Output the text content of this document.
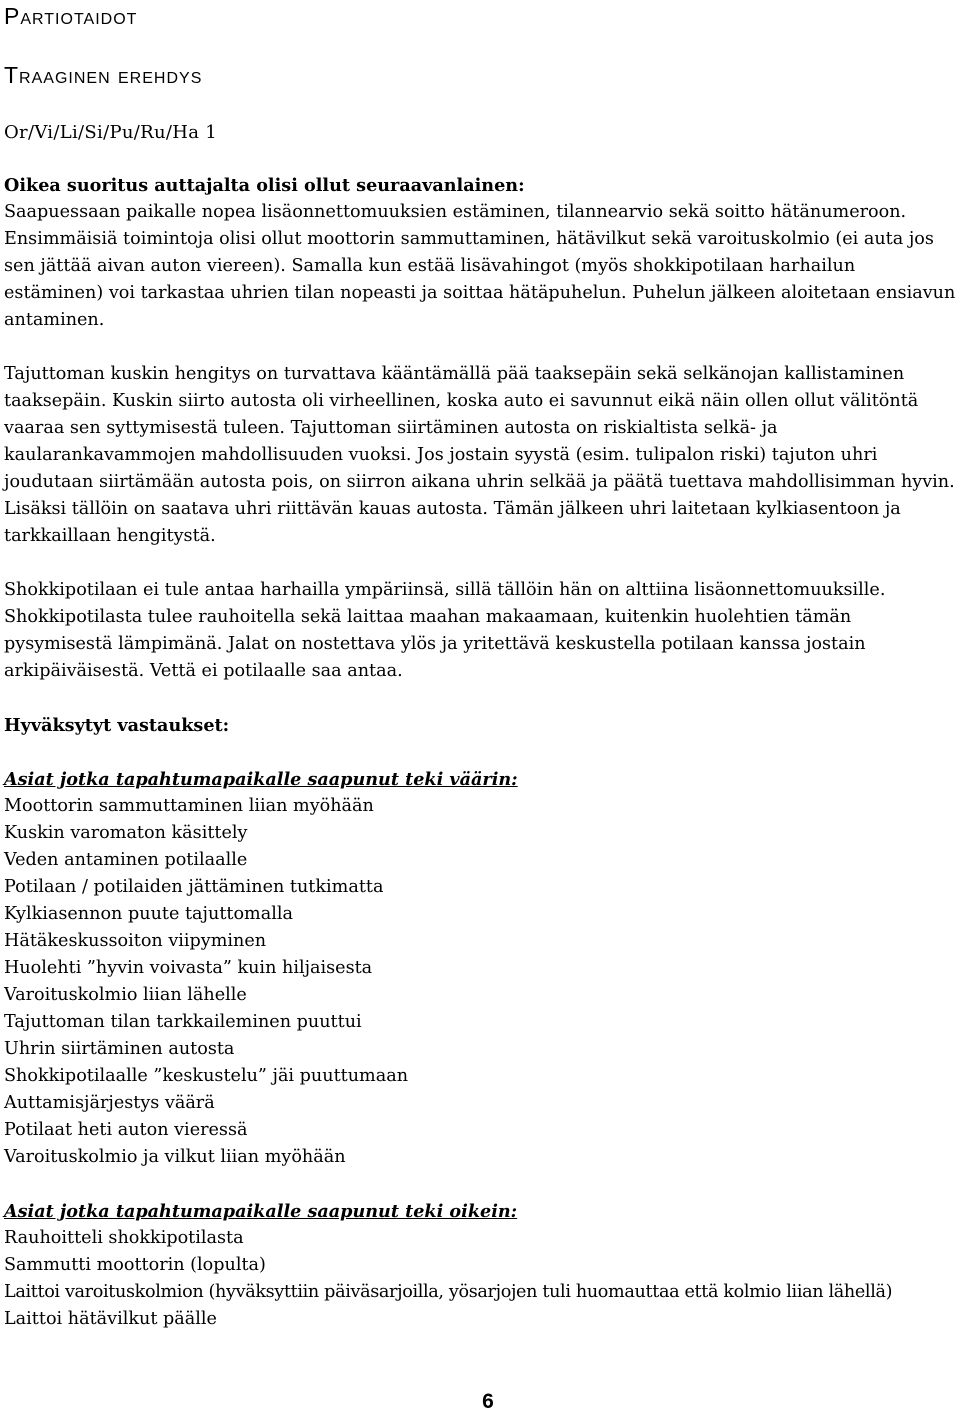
Partiotaidot
Traaginen erehdys
Or/Vi/Li/Si/Pu/Ru/Ha 1

Oikea suoritus auttajalta olisi ollut seuraavanlainen:

Saapuessaan paikalle nopea lisäonnettomuuksien estäminen, tilannearvio sekä soitto hätänumeroon. Ensimmäisiä toimintoja olisi ollut moottorin sammuttaminen, hätävilkut sekä varoituskolmio (ei auta jos sen jättää aivan auton viereen). Samalla kun estää lisävahingot (myös shokkipotilaan harhailun estäminen) voi tarkastaa uhrien tilan nopeasti ja soittaa hätäpuhelun. Puhelun jälkeen aloitetaan ensiavun antaminen.

Tajuttoman kuskin hengitys on turvattava kääntämällä pää taaksepäin sekä selkänojan kallistaminen taaksepäin. Kuskin siirto autosta oli virheellinen, koska auto ei savunnut eikä näin ollen ollut välitöntä vaaraa sen syttymisestä tuleen. Tajuttoman siirtäminen autosta on riskialtista selkä- ja kaularankavammojen mahdollisuuden vuoksi. Jos jostain syystä (esim. tulipalon riski) tajuton uhri joudutaan siirtämään autosta pois, on siirron aikana uhrin selkää ja päätä tuettava mahdollisimman hyvin. Lisäksi tällöin on saatava uhri riittävän kauas autosta. Tämän jälkeen uhri laitetaan kylkiasentoon ja tarkkaillaan hengitystä.

Shokkipotilaan ei tule antaa harhailla ympäriinsä, sillä tällöin hän on alttiina lisäonnettomuuksille. Shokkipotilasta tulee rauhoitella sekä laittaa maahan makaamaan, kuitenkin huolehtien tämän pysymisestä lämpimänä. Jalat on nostettava ylös ja yritettävä keskustella potilaan kanssa jostain arkipäiväisestä. Vettä ei potilaalle saa antaa.

Hyväksytyt vastaukset:

Asiat jotka tapahtumapaikalle saapunut teki väärin:

Moottorin sammuttaminen liian myöhään

Kuskin varomaton käsittely

Veden antaminen potilaalle

Potilaan / potilaiden jättäminen tutkimatta

Kylkiasennon puute tajuttomalla

Hätäkeskussoiton viipyminen

Huolehti ”hyvin voivasta” kuin hiljaisesta

Varoituskolmio liian lähelle

Tajuttoman tilan tarkkaileminen puuttui

Uhrin siirtäminen autosta

Shokkipotilaalle ”keskustelu” jäi puuttumaan

Auttamisjärjestys väärä

Potilaat heti auton vieressä

Varoituskolmio ja vilkut liian myöhään

Asiat jotka tapahtumapaikalle saapunut teki oikein:

Rauhoitteli shokkipotilasta

Sammutti moottorin (lopulta)

Laittoi varoituskolmion (hyväksyttiin päiväsarjoilla, yösarjojen tuli huomauttaa että kolmio liian lähellä)

Laittoi hätävilkut päälle

6
